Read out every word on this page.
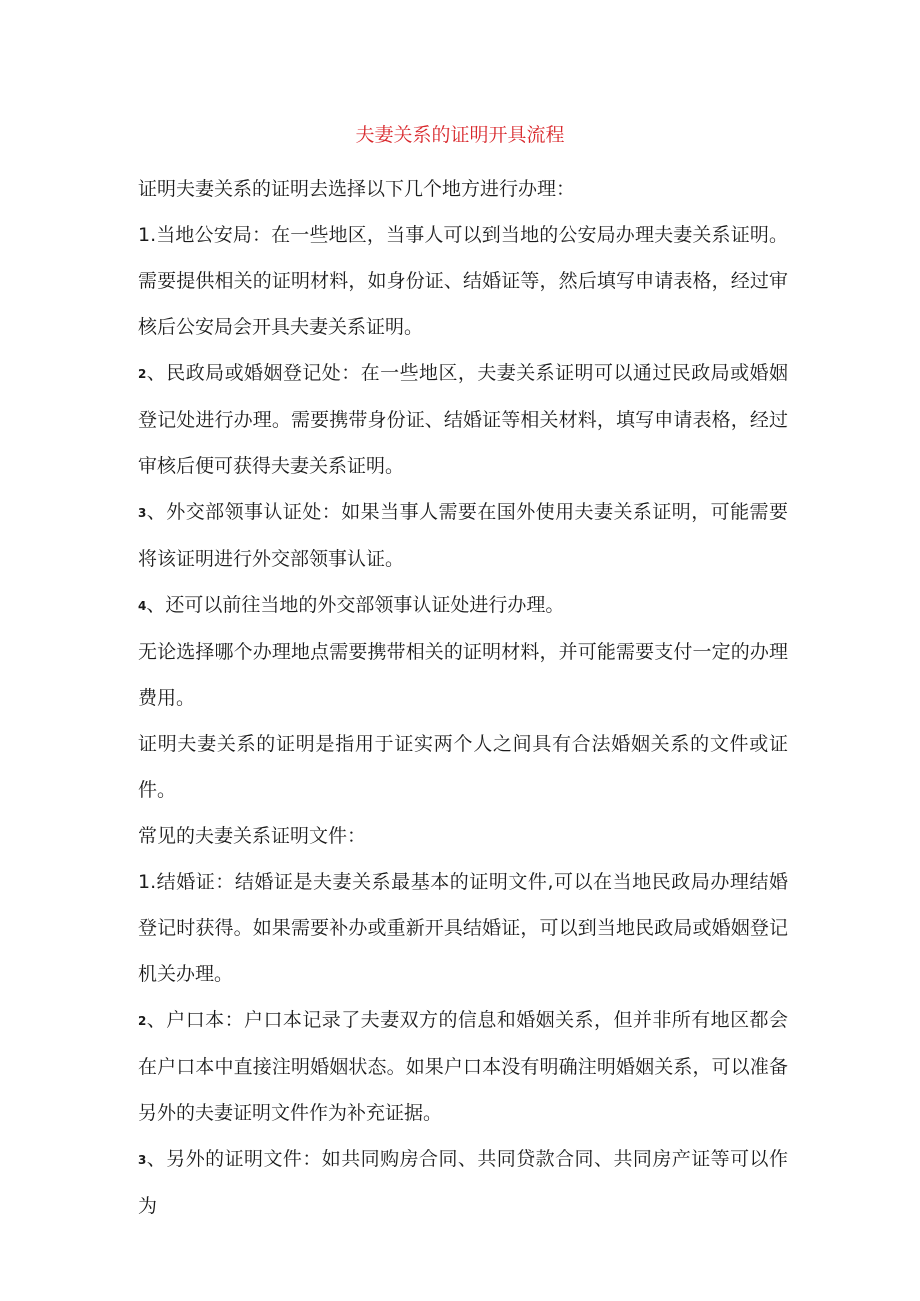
夫妻关系的证明开具流程

证明夫妻关系的证明去选择以下几个地方进行办理：

1.当地公安局：在一些地区，当事人可以到当地的公安局办理夫妻关系证明。需要提供相关的证明材料，如身份证、结婚证等，然后填写申请表格，经过审核后公安局会开具夫妻关系证明。

2、民政局或婚姻登记处：在一些地区，夫妻关系证明可以通过民政局或婚姻登记处进行办理。需要携带身份证、结婚证等相关材料，填写申请表格，经过审核后便可获得夫妻关系证明。

3、外交部领事认证处：如果当事人需要在国外使用夫妻关系证明，可能需要将该证明进行外交部领事认证。

4、还可以前往当地的外交部领事认证处进行办理。

无论选择哪个办理地点需要携带相关的证明材料，并可能需要支付一定的办理费用。

证明夫妻关系的证明是指用于证实两个人之间具有合法婚姻关系的文件或证件。

常见的夫妻关系证明文件：

1.结婚证：结婚证是夫妻关系最基本的证明文件,可以在当地民政局办理结婚登记时获得。如果需要补办或重新开具结婚证，可以到当地民政局或婚姻登记机关办理。

2、户口本：户口本记录了夫妻双方的信息和婚姻关系，但并非所有地区都会在户口本中直接注明婚姻状态。如果户口本没有明确注明婚姻关系，可以准备另外的夫妻证明文件作为补充证据。

3、另外的证明文件：如共同购房合同、共同贷款合同、共同房产证等可以作为
